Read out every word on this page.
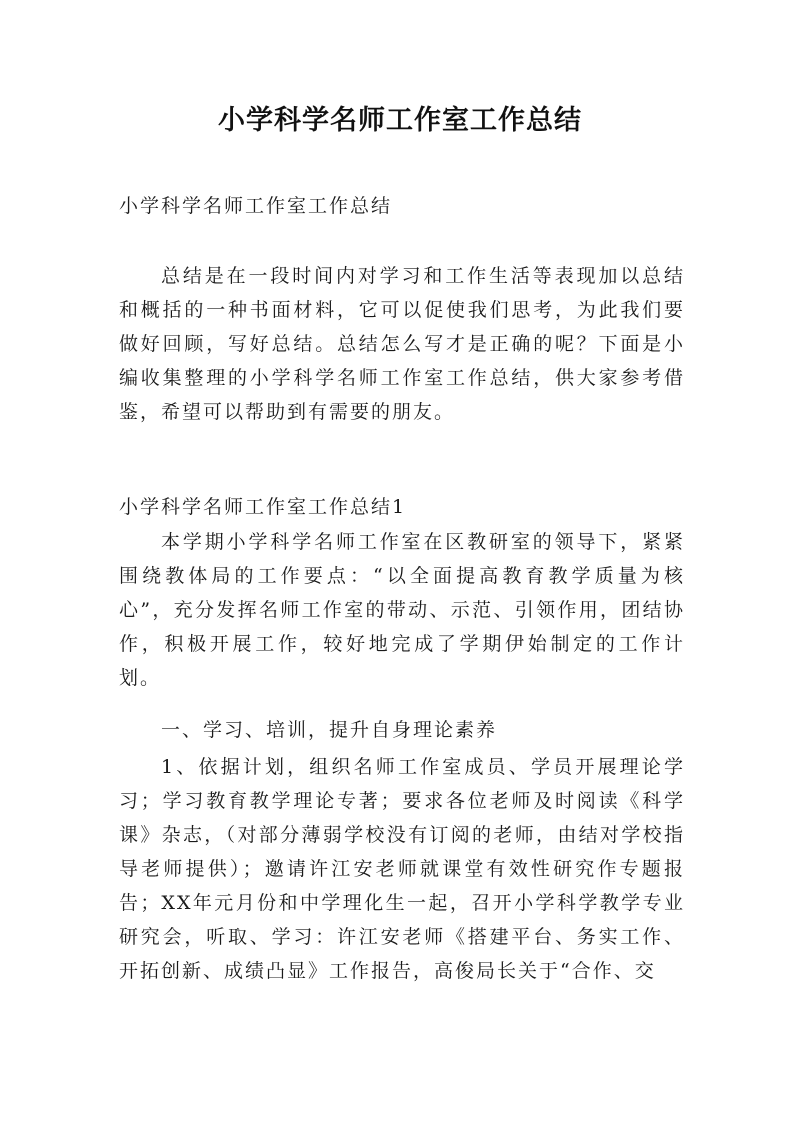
小学科学名师工作室工作总结

小学科学名师工作室工作总结

总结是在一段时间内对学习和工作生活等表现加以总结和概括的一种书面材料，它可以促使我们思考，为此我们要做好回顾，写好总结。总结怎么写才是正确的呢？下面是小编收集整理的小学科学名师工作室工作总结，供大家参考借鉴，希望可以帮助到有需要的朋友。

小学科学名师工作室工作总结1

本学期小学科学名师工作室在区教研室的领导下，紧紧围绕教体局的工作要点：“以全面提高教育教学质量为核心”，充分发挥名师工作室的带动、示范、引领作用，团结协作，积极开展工作，较好地完成了学期伊始制定的工作计划。

一、学习、培训，提升自身理论素养

1、依据计划，组织名师工作室成员、学员开展理论学习；学习教育教学理论专著；要求各位老师及时阅读《科学课》杂志，（对部分薄弱学校没有订阅的老师，由结对学校指导老师提供）；邀请许江安老师就课堂有效性研究作专题报告；XX年元月份和中学理化生一起，召开小学科学教学专业研究会，听取、学习：许江安老师《搭建平台、务实工作、开拓创新、成绩凸显》工作报告，高俊局长关于“合作、交
